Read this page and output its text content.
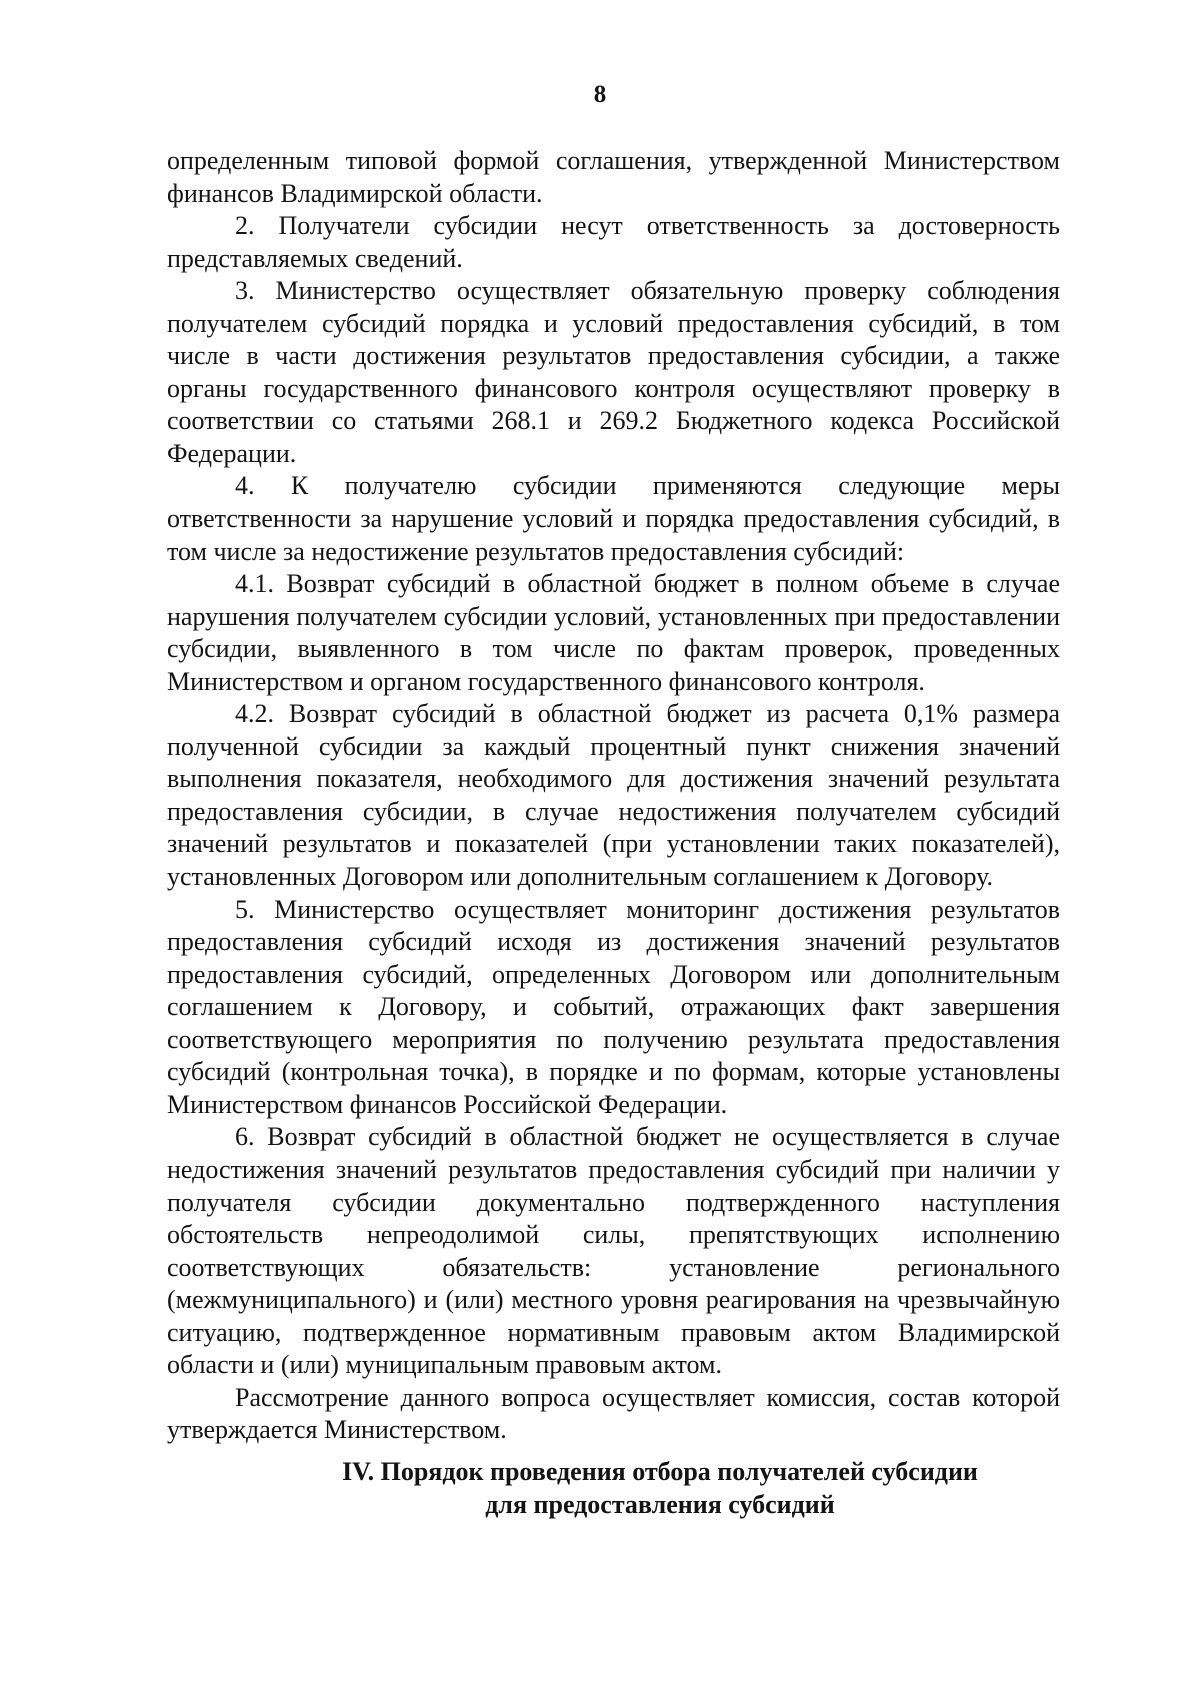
8

определенным типовой формой соглашения, утвержденной Министерством финансов Владимирской области.

2. Получатели субсидии несут ответственность за достоверность представляемых сведений.

3. Министерство осуществляет обязательную проверку соблюдения получателем субсидий порядка и условий предоставления субсидий, в том числе в части достижения результатов предоставления субсидии, а также органы государственного финансового контроля осуществляют проверку в соответствии со статьями 268.1 и 269.2 Бюджетного кодекса Российской Федерации.

4. К получателю субсидии применяются следующие меры ответственности за нарушение условий и порядка предоставления субсидий, в том числе за недостижение результатов предоставления субсидий:

4.1. Возврат субсидий в областной бюджет в полном объеме в случае нарушения получателем субсидии условий, установленных при предоставлении субсидии, выявленного в том числе по фактам проверок, проведенных Министерством и органом государственного финансового контроля.

4.2. Возврат субсидий в областной бюджет из расчета 0,1% размера полученной субсидии за каждый процентный пункт снижения значений выполнения показателя, необходимого для достижения значений результата предоставления субсидии, в случае недостижения получателем субсидий значений результатов и показателей (при установлении таких показателей), установленных Договором или дополнительным соглашением к Договору.

5. Министерство осуществляет мониторинг достижения результатов предоставления субсидий исходя из достижения значений результатов предоставления субсидий, определенных Договором или дополнительным соглашением к Договору, и событий, отражающих факт завершения соответствующего мероприятия по получению результата предоставления субсидий (контрольная точка), в порядке и по формам, которые установлены Министерством финансов Российской Федерации.

6. Возврат субсидий в областной бюджет не осуществляется в случае недостижения значений результатов предоставления субсидий при наличии у получателя субсидии документально подтвержденного наступления обстоятельств непреодолимой силы, препятствующих исполнению соответствующих обязательств: установление регионального (межмуниципального) и (или) местного уровня реагирования на чрезвычайную ситуацию, подтвержденное нормативным правовым актом Владимирской области и (или) муниципальным правовым актом.

Рассмотрение данного вопроса осуществляет комиссия, состав которой утверждается Министерством.

IV. Порядок проведения отбора получателей субсидии
для предоставления субсидий
